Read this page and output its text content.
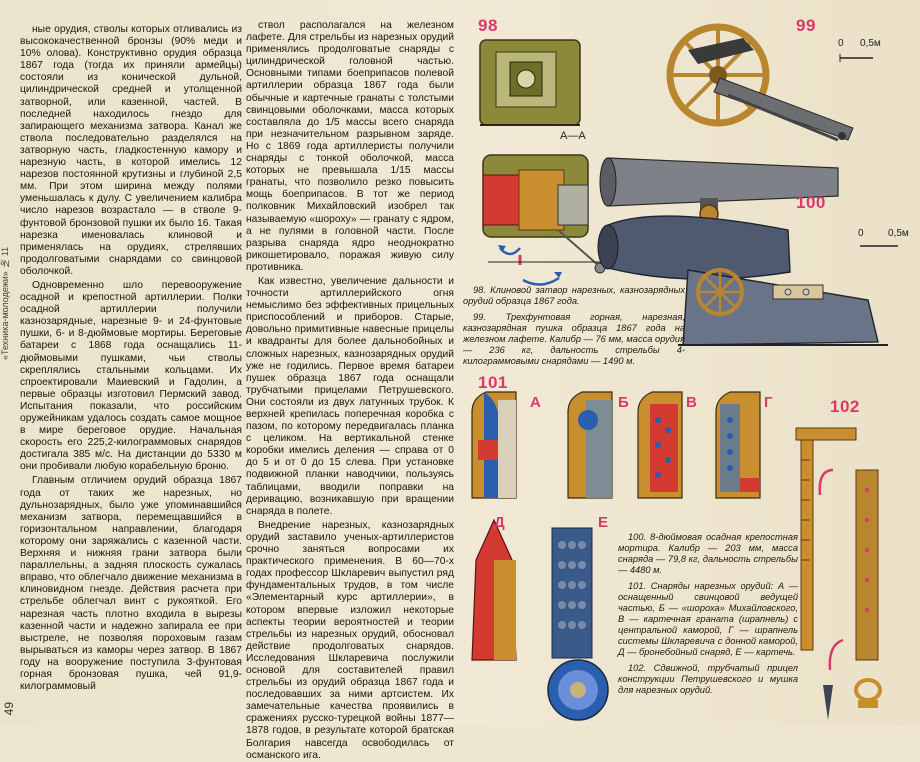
«Техника-молодежи» № 11
49

ные орудия, стволы которых отливались из высококачественной бронзы (90% меди и 10% олова). Конструктивно орудия образца 1867 года (тогда их приняли армейцы) состояли из конической дульной, цилиндрической средней и утолщенной затворной, или казенной, частей. В последней находилось гнездо для запирающего механизма затвора. Канал же ствола последовательно разделялся на затворную часть, гладкостенную камору и нарезную часть, в которой имелись 12 нарезов постоянной крутизны и глубиной 2,5 мм. При этом ширина между полями уменьшалась к дулу. С увеличением калибра число нарезов возрастало — в стволе 9-фунтовой бронзовой пушки их было 16. Такая нарезка именовалась клиновой и применялась на орудиях, стрелявших продолговатыми снарядами со свинцовой оболочкой.

Одновременно шло перевооружение осадной и крепостной артиллерии. Полки осадной артиллерии получили казнозарядные, нарезные 9- и 24-фунтовые пушки, 6- и 8-дюймовые мортиры. Береговые батареи с 1868 года оснащались 11-дюймовыми пушками, чьи стволы скреплялись стальными кольцами. Их спроектировали Маиевский и Гадолин, а первые образцы изготовил Пермский завод. Испытания показали, что российским оружейникам удалось создать самое мощное в мире береговое орудие. Начальная скорость его 225,2-килограммовых снарядов достигала 385 м/с. На дистанции до 5330 м они пробивали любую корабельную броню.

Главным отличием орудий образца 1867 года от таких же нарезных, но дульнозарядных, было уже упоминавшийся механизм затвора, перемещавшийся в горизонтальном направлении, благодаря которому они заряжались с казенной части. Верхняя и нижняя грани затвора были параллельны, а задняя плоскость сужалась вправо, что облегчало движение механизма в клиновидном гнезде. Действия расчета при стрельбе облегчал винт с рукояткой. Его нарезная часть плотно входила в вырезы казенной части и надежно запирала ее при выстреле, не позволяя пороховым газам вырываться из каморы через затвор. В 1867 году на вооружение поступила 3-фунтовая горная бронзовая пушка, чей 91,9-килограммовый

ствол располагался на железном лафете. Для стрельбы из нарезных орудий применялись продолговатые снаряды с цилиндрической головной частью. Основными типами боеприпасов полевой артиллерии образца 1867 года были обычные и картечные гранаты с толстыми свинцовыми оболочками, масса которых составляла до 1/5 массы всего снаряда при незначительном разрывном заряде. Но с 1869 года артиллеристы получили снаряды с тонкой оболочкой, масса которых не превышала 1/15 массы гранаты, что позволило резко повысить мощь боеприпасов. В тот же период полковник Михайловский изобрел так называемую «шороху» — гранату с ядром, а не пулями в головной части. После разрыва снаряда ядро неоднократно рикошетировало, поражая живую силу противника.

Как известно, увеличение дальности и точности артиллерийского огня немыслимо без эффективных прицельных приспособлений и приборов. Старые, довольно примитивные навесные прицелы и квадранты для более дальнобойных и сложных нарезных, казнозарядных орудий уже не годились. Первое время батареи пушек образца 1867 года оснащали трубчатыми прицелами Петрушевского. Они состояли из двух латунных трубок. К верхней крепилась поперечная коробка с пазом, по которому передвигалась планка с целиком. На вертикальной стенке коробки имелись деления — справа от 0 до 5 и от 0 до 15 слева. При установке подвижной планки наводчики, пользуясь таблицами, вводили поправки на деривацию, возникавшую при вращении снаряда в полете.

Внедрение нарезных, казнозарядных орудий заставило ученых-артиллеристов срочно заняться вопросами их практического применения. В 60—70-х годах профессор Шкларевич выпустил ряд фундаментальных трудов, в том числе «Элементарный курс артиллерии», в котором впервые изложил некоторые аспекты теории вероятностей и теории стрельбы из нарезных орудий, обосновал действие продолговатых снарядов. Исследования Шкларевича послужили основой для составителей правил стрельбы из орудий образца 1867 года и последовавших за ними артсистем. Их замечательные качества проявились в сражениях русско-турецкой войны 1877—1878 годов, в результате которой братская Болгария навсегда освободилась от османского ига.

98
А—А
99
0 0,5м
100
0 0,5м

98. Клиновой затвор нарезных, казнозарядных орудий образца 1867 года.

99. Трехфунтовая горная, нарезная, казнозарядная пушка образца 1867 года на железном лафете. Калибр — 76 мм, масса орудия — 236 кг, дальность стрельбы 4-килограммовыми снарядами — 1490 м.

101
А	Б	В	Г
Д	Е
102

100. 8-дюймовая осадная крепостная мортира. Калибр — 203 мм, масса снаряда — 79,8 кг, дальность стрельбы — 4480 м.

101. Снаряды нарезных орудий: А — оснащенный свинцовой ведущей частью, Б — «шороха» Михайловского, В — картечная граната (шрапнель) с центральной каморой, Г — шрапнель системы Шкларевича с донной каморой, Д — бронебойный снаряд, Е — картечь.

102. Сдвижной, трубчатый прицел конструкции Петрушевского и мушка для нарезных орудий.
